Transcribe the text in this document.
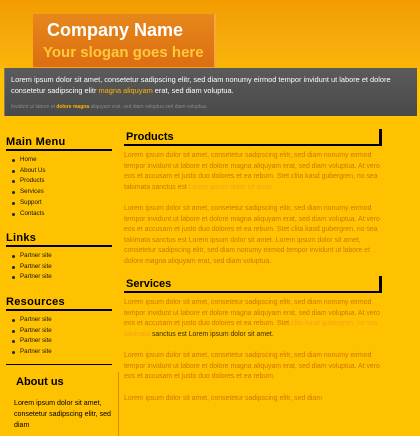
Company Name
Your slogan goes here
Lorem ipsum dolor sit amet, consetetur sadipscing elitr, sed diam nonumy eirmod tempor invidunt ut labore et dolore consetetur sadipscing elitr magna aliquyam erat, sed diam voluptua.
Invidunt ut labore et dolore magna aliquyam erat, sed diam voluptua sed diam voluptua.
Main Menu
Home
About Us
Products
Services
Support
Contacts
Links
Partner site
Partner site
Partner site
Resources
Partner site
Partner site
Partner site
Partner site
About us
Lorem ipsum dolor sit amet, consetetur sadipscing elitr, sed diam
Products

Lorem ipsum dolor sit amet, consetetur sadipscing elitr, sed diam nonumy eirmod tempor invidunt ut labore et dolore magna aliquyam erat, sed diam voluptua. At vero eos et accusam et justo duo dolores et ea rebum. Stet clita kasd gubergren, no sea takimata sanctus est Lorem ipsum dolor sit amet.

Lorem ipsum dolor sit amet, consetetur sadipscing elitr, sed diam nonumy eirmod tempor invidunt ut labore et dolore magna aliquyam erat, sed diam voluptua. At vero eos et accusam et justo duo dolores et ea rebum. Stet clita kasd gubergren, no sea takimata sanctus est Lorem ipsum dolor sit amet. Lorem ipsum dolor sit amet, consetetur sadipscing elitr, sed diam nonumy eirmod tempor invidunt ut labore et dolore magna aliquyam erat, sed diam voluptua.

Services

Lorem ipsum dolor sit amet, consetetur sadipscing elitr, sed diam nonumy eirmod tempor invidunt ut labore et dolore magna aliquyam erat, sed diam voluptua. At vero eos et accusam et justo duo dolores et ea rebum. Stet clita kasd gubergren, no sea takimata sanctus est Lorem ipsum dolor sit amet.

Lorem ipsum dolor sit amet, consetetur sadipscing elitr, sed diam nonumy eirmod tempor invidunt ut labore et dolore magna aliquyam erat, sed diam voluptua. At vero eos et accusam et justo duo dolores et ea rebum.

Lorem ipsum dolor sit amet, consetetur sadipscing elitr, sed diam
